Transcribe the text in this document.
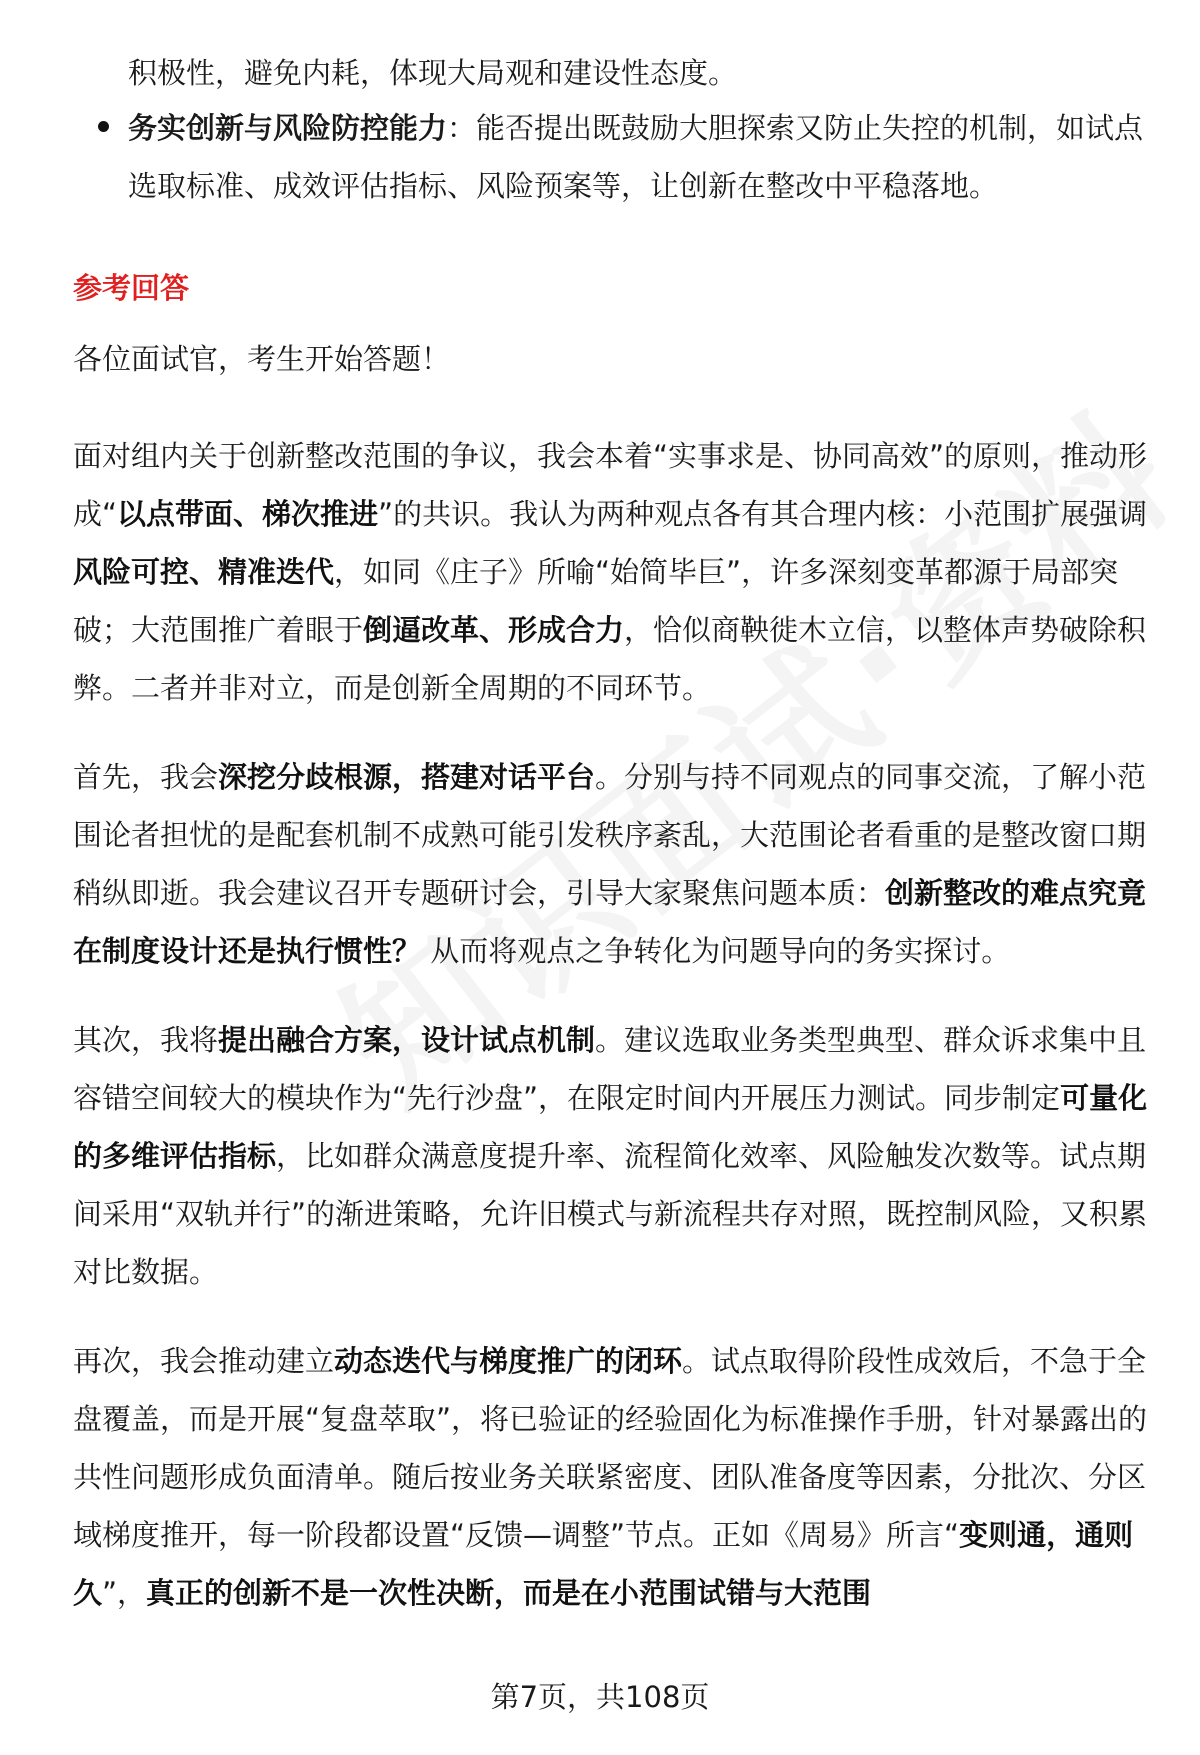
积极性，避免内耗，体现大局观和建设性态度。

务实创新与风险防控能力：能否提出既鼓励大胆探索又防止失控的机制，如试点选取标准、成效评估指标、风险预案等，让创新在整改中平稳落地。

参考回答

各位面试官，考生开始答题！

面对组内关于创新整改范围的争议，我会本着“实事求是、协同高效”的原则，推动形成“以点带面、梯次推进”的共识。我认为两种观点各有其合理内核：小范围扩展强调风险可控、精准迭代，如同《庄子》所喻“始简毕巨”，许多深刻变革都源于局部突破；大范围推广着眼于倒逼改革、形成合力，恰似商鞅徙木立信，以整体声势破除积弊。二者并非对立，而是创新全周期的不同环节。

首先，我会深挖分歧根源，搭建对话平台。分别与持不同观点的同事交流，了解小范围论者担忧的是配套机制不成熟可能引发秩序紊乱，大范围论者看重的是整改窗口期稍纵即逝。我会建议召开专题研讨会，引导大家聚焦问题本质：创新整改的难点究竟在制度设计还是执行惯性？ 从而将观点之争转化为问题导向的务实探讨。

其次，我将提出融合方案，设计试点机制。建议选取业务类型典型、群众诉求集中且容错空间较大的模块作为“先行沙盘”，在限定时间内开展压力测试。同步制定可量化的多维评估指标，比如群众满意度提升率、流程简化效率、风险触发次数等。试点期间采用“双轨并行”的渐进策略，允许旧模式与新流程共存对照，既控制风险，又积累对比数据。

再次，我会推动建立动态迭代与梯度推广的闭环。试点取得阶段性成效后，不急于全盘覆盖，而是开展“复盘萃取”，将已验证的经验固化为标准操作手册，针对暴露出的共性问题形成负面清单。随后按业务关联紧密度、团队准备度等因素，分批次、分区域梯度推开，每一阶段都设置“反馈—调整”节点。正如《周易》所言“变则通，通则久”，真正的创新不是一次性决断，而是在小范围试错与大范围

第7页，共108页
